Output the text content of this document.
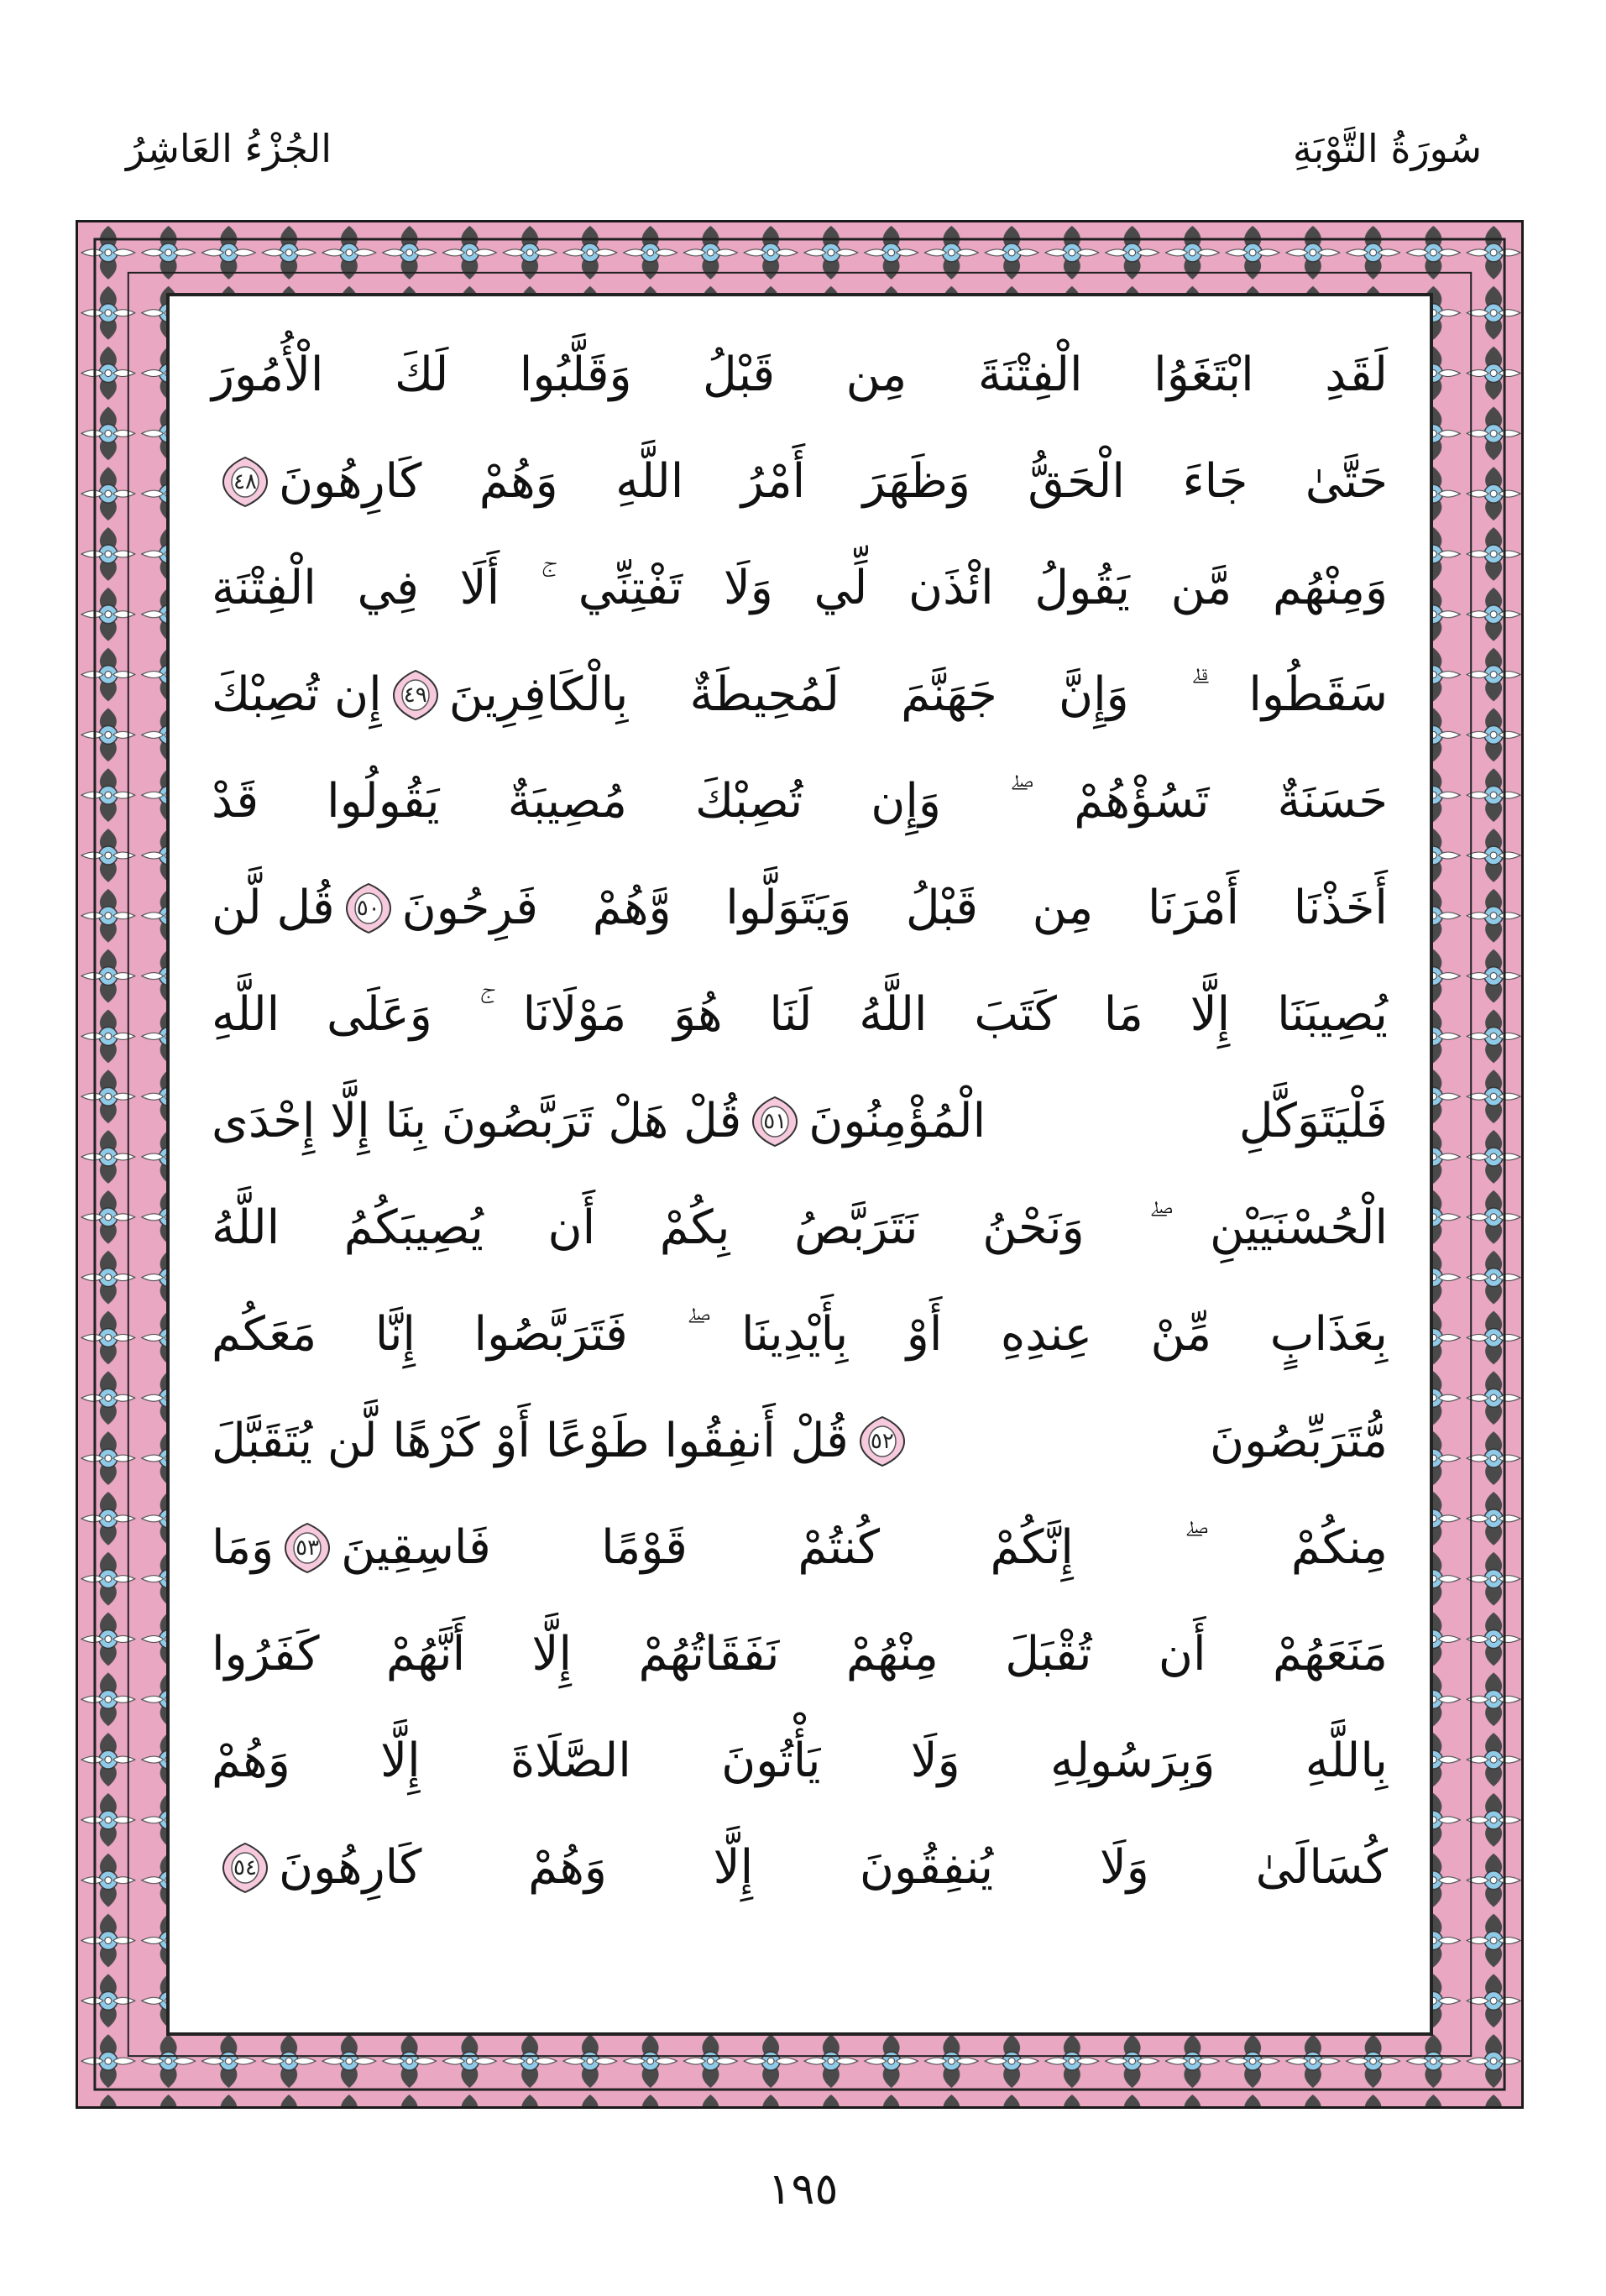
الجُزْءُ العَاشِرُ	سُورَةُ التَّوْبَةِ
لَقَدِ ابْتَغَوُا الْفِتْنَةَ مِن قَبْلُ وَقَلَّبُوا لَكَ الْأُمُورَ
حَتَّىٰ جَاءَ الْحَقُّ وَظَهَرَ أَمْرُ اللَّهِ وَهُمْ كَارِهُونَ
٤٨
وَمِنْهُم مَّن يَقُولُ ائْذَن لِّي وَلَا تَفْتِنِّي ۚ أَلَا فِي الْفِتْنَةِ
سَقَطُوا ۗ وَإِنَّ جَهَنَّمَ لَمُحِيطَةٌ بِالْكَافِرِينَ
٤٩
إِن تُصِبْكَ
حَسَنَةٌ تَسُؤْهُمْ ۖ وَإِن تُصِبْكَ مُصِيبَةٌ يَقُولُوا قَدْ
أَخَذْنَا أَمْرَنَا مِن قَبْلُ وَيَتَوَلَّوا وَّهُمْ فَرِحُونَ
٥٠
قُل لَّن
يُصِيبَنَا إِلَّا مَا كَتَبَ اللَّهُ لَنَا هُوَ مَوْلَانَا ۚ وَعَلَى اللَّهِ
فَلْيَتَوَكَّلِ الْمُؤْمِنُونَ
٥١
قُلْ هَلْ تَرَبَّصُونَ بِنَا إِلَّا إِحْدَى
الْحُسْنَيَيْنِ ۖ وَنَحْنُ نَتَرَبَّصُ بِكُمْ أَن يُصِيبَكُمُ اللَّهُ
بِعَذَابٍ مِّنْ عِندِهِ أَوْ بِأَيْدِينَا ۖ فَتَرَبَّصُوا إِنَّا مَعَكُم
مُّتَرَبِّصُونَ
٥٢
قُلْ أَنفِقُوا طَوْعًا أَوْ كَرْهًا لَّن يُتَقَبَّلَ
مِنكُمْ ۖ إِنَّكُمْ كُنتُمْ قَوْمًا فَاسِقِينَ
٥٣
وَمَا
مَنَعَهُمْ أَن تُقْبَلَ مِنْهُمْ نَفَقَاتُهُمْ إِلَّا أَنَّهُمْ كَفَرُوا
بِاللَّهِ وَبِرَسُولِهِ وَلَا يَأْتُونَ الصَّلَاةَ إِلَّا وَهُمْ
كُسَالَىٰ وَلَا يُنفِقُونَ إِلَّا وَهُمْ كَارِهُونَ
٥٤
١٩٥
